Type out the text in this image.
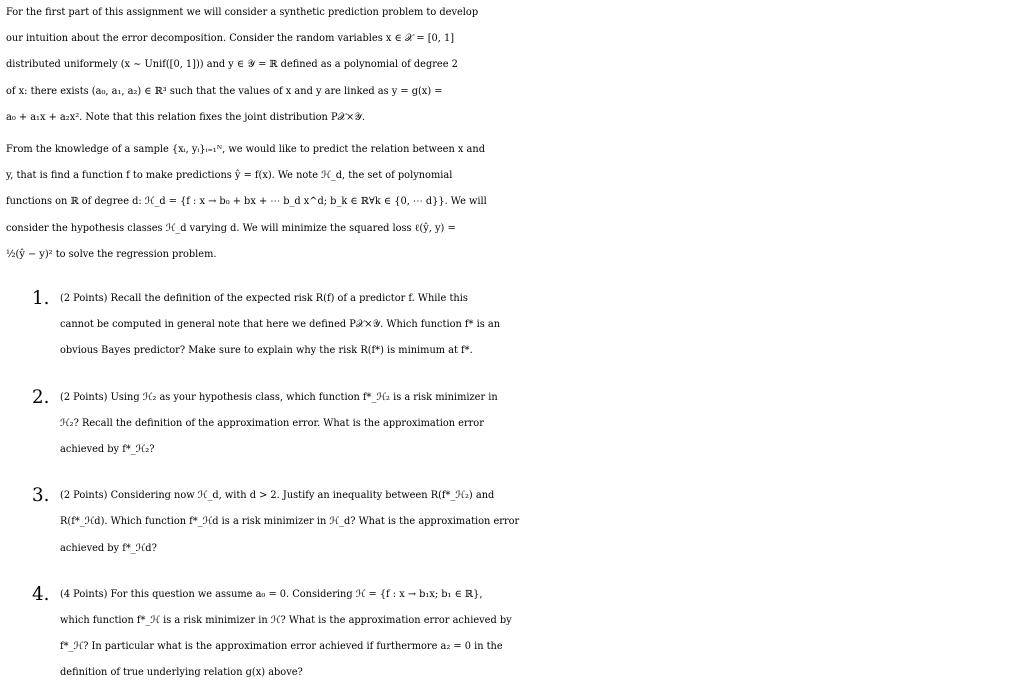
For the first part of this assignment we will consider a synthetic prediction problem to develop
our intuition about the error decomposition. Consider the random variables x ∈ 𝒳 = [0, 1]
distributed uniformely (x ∼ Unif([0, 1])) and y ∈ 𝒴 = ℝ defined as a polynomial of degree 2
of x: there exists (a₀, a₁, a₂) ∈ ℝ³ such that the values of x and y are linked as y = g(x) =
a₀ + a₁x + a₂x². Note that this relation fixes the joint distribution P𝒳×𝒴.

From the knowledge of a sample {xᵢ, yᵢ}ᵢ₌₁ᴺ, we would like to predict the relation between x and
y, that is find a function f to make predictions ŷ = f(x). We note ℋ_d, the set of polynomial
functions on ℝ of degree d: ℋ_d = {f : x → b₀ + bx + ⋯ b_d x^d; b_k ∈ ℝ∀k ∈ {0, ⋯ d}}. We will
consider the hypothesis classes ℋ_d varying d. We will minimize the squared loss ℓ(ŷ, y) =
½(ŷ − y)² to solve the regression problem.

1. (2 Points) Recall the definition of the expected risk R(f) of a predictor f. While this
cannot be computed in general note that here we defined P𝒳×𝒴. Which function f* is an
obvious Bayes predictor? Make sure to explain why the risk R(f*) is minimum at f*.
2. (2 Points) Using ℋ₂ as your hypothesis class, which function f*_ℋ₂ is a risk minimizer in
ℋ₂? Recall the definition of the approximation error. What is the approximation error
achieved by f*_ℋ₂?
3. (2 Points) Considering now ℋ_d, with d > 2. Justify an inequality between R(f*_ℋ₂) and
R(f*_ℋd). Which function f*_ℋd is a risk minimizer in ℋ_d? What is the approximation error
achieved by f*_ℋd?
4. (4 Points) For this question we assume a₀ = 0. Considering ℋ = {f : x → b₁x; b₁ ∈ ℝ},
which function f*_ℋ is a risk minimizer in ℋ? What is the approximation error achieved by
f*_ℋ? In particular what is the approximation error achieved if furthermore a₂ = 0 in the
definition of true underlying relation g(x) above?
